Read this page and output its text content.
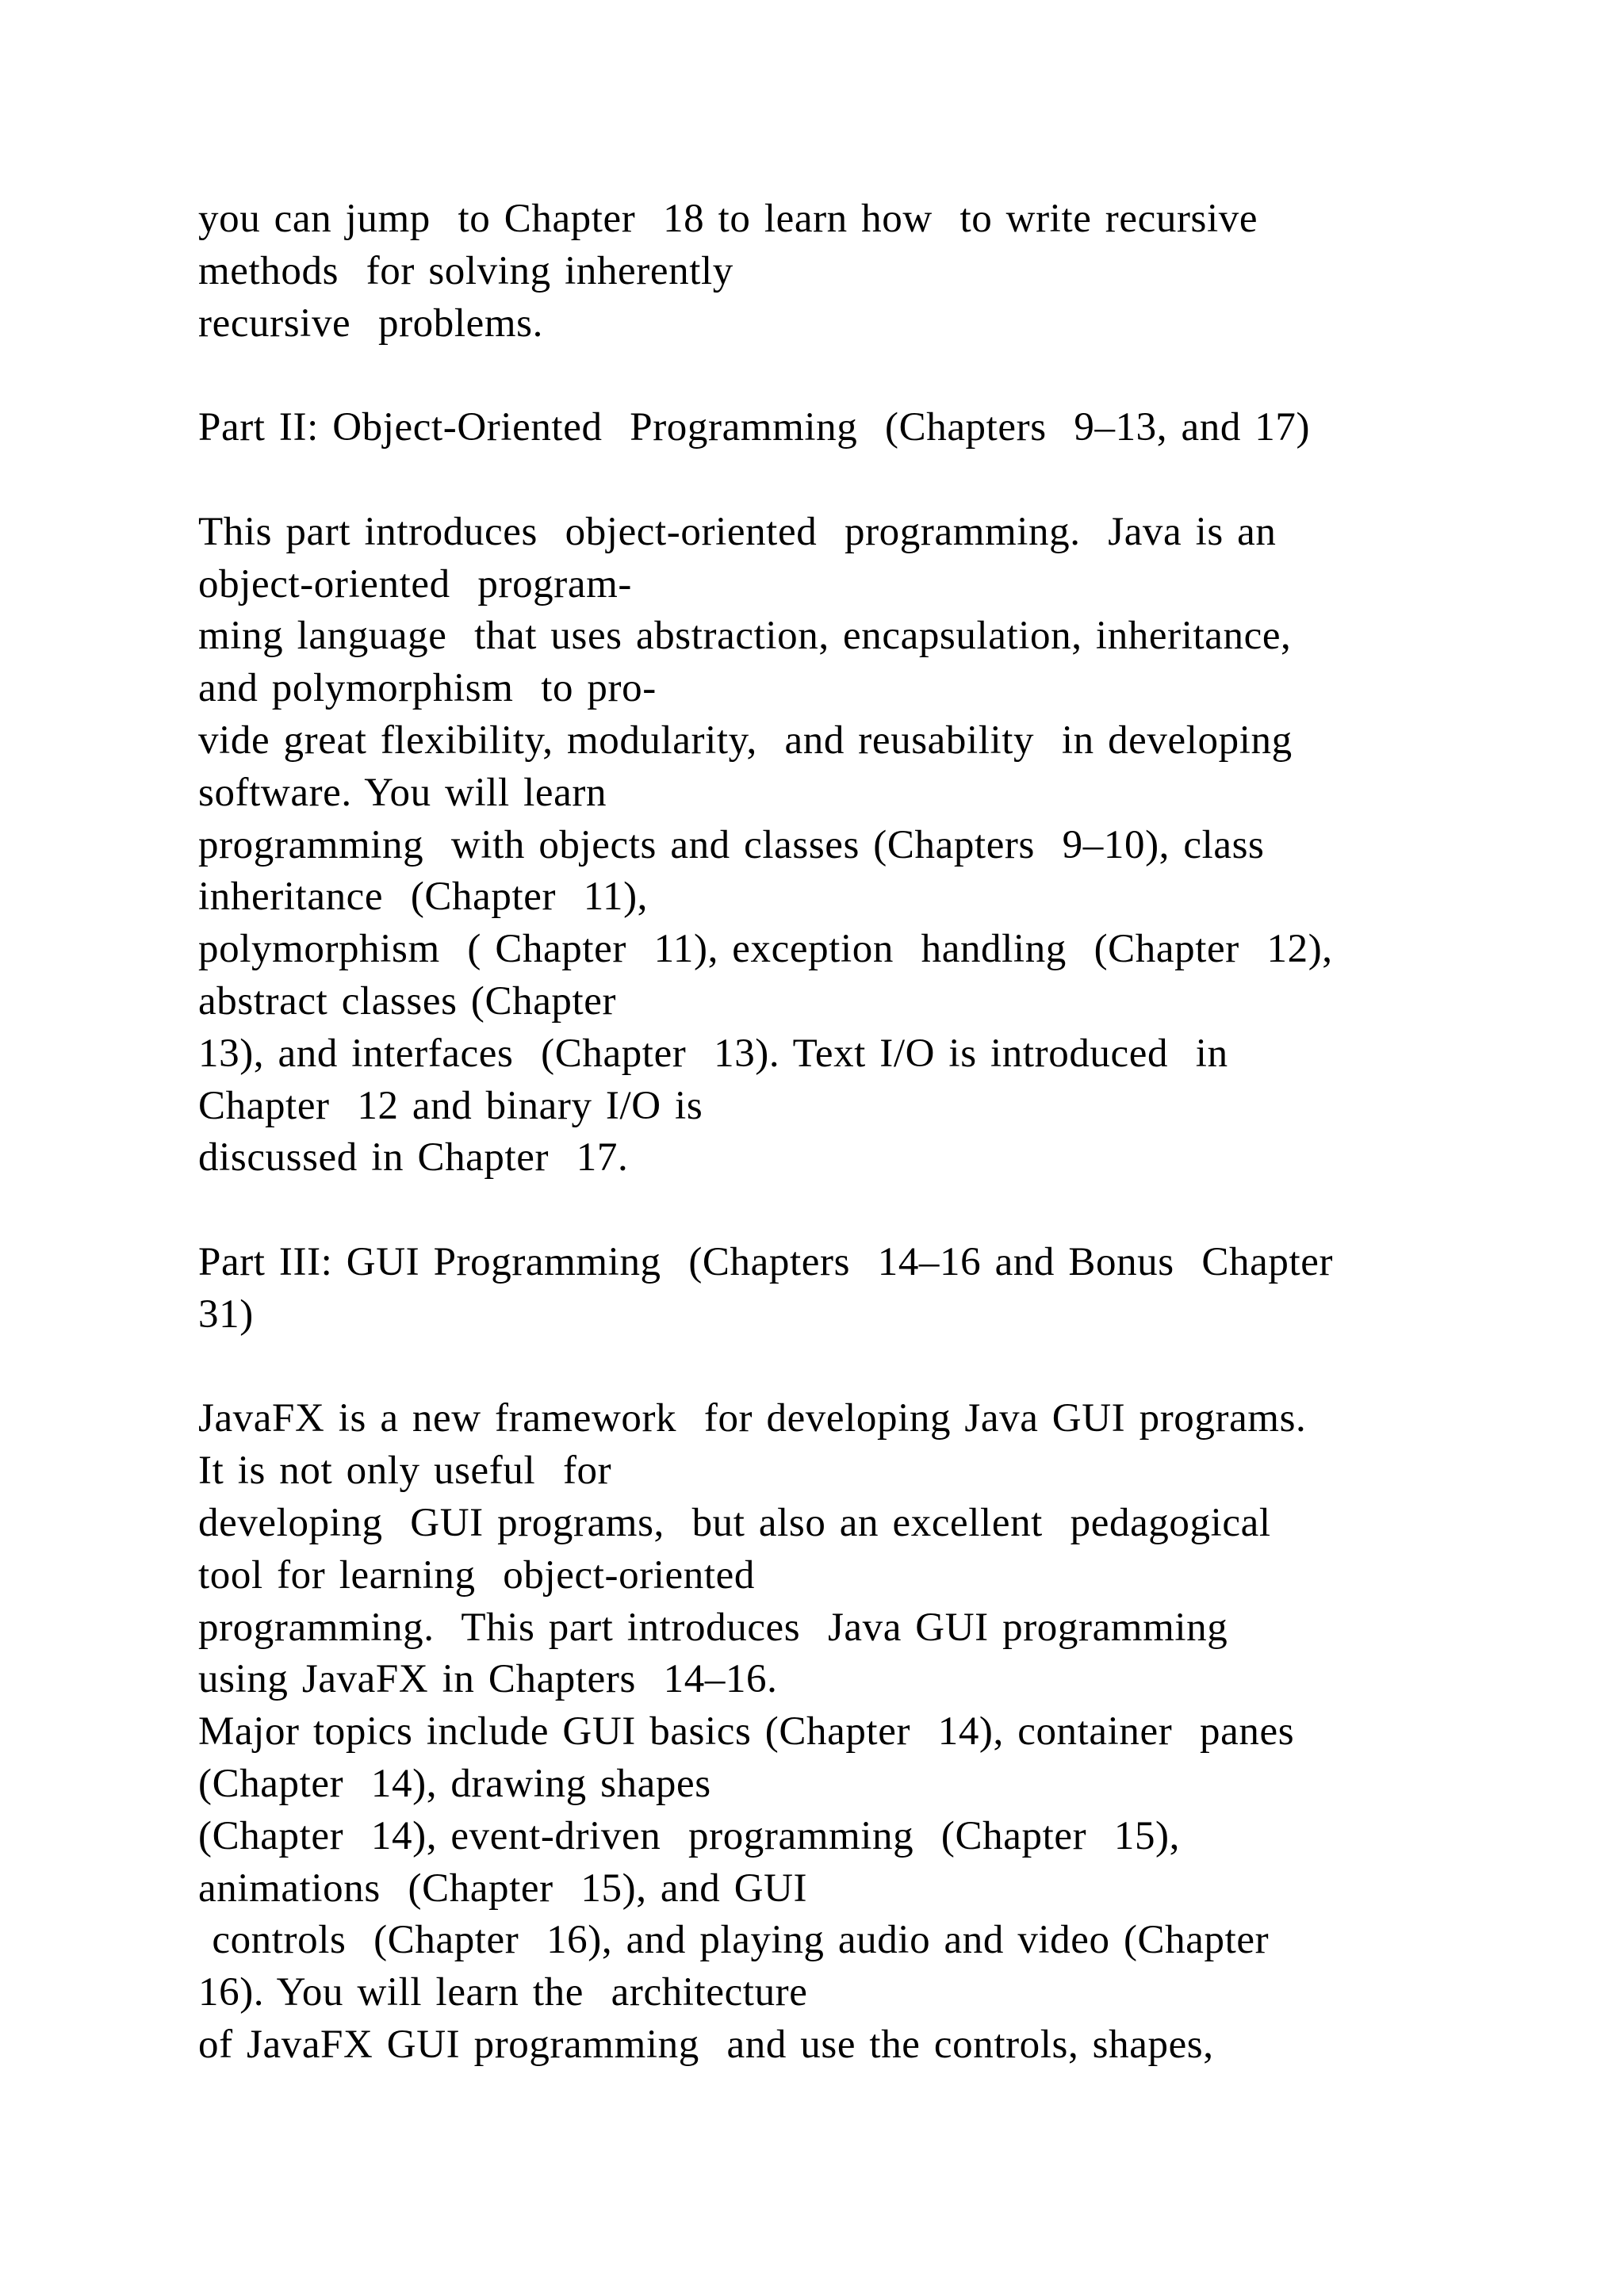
you can jump  to Chapter  18 to learn how  to write recursive
methods  for solving inherently
recursive  problems.
Part II: Object-Oriented  Programming  (Chapters  9–13, and 17)
This part introduces  object-oriented  programming.  Java is an
object-oriented  program-
ming language  that uses abstraction, encapsulation, inheritance,
and polymorphism  to pro-
vide great flexibility, modularity,  and reusability  in developing
software. You will learn
programming  with objects and classes (Chapters  9–10), class
inheritance  (Chapter  11),
polymorphism  ( Chapter  11), exception  handling  (Chapter  12),
abstract classes (Chapter
13), and interfaces  (Chapter  13). Text I/O is introduced  in
Chapter  12 and binary I/O is
discussed in Chapter  17.
Part III: GUI Programming  (Chapters  14–16 and Bonus  Chapter
31)
JavaFX is a new framework  for developing Java GUI programs.
It is not only useful  for
developing  GUI programs,  but also an excellent  pedagogical
tool for learning  object-oriented
programming.  This part introduces  Java GUI programming
using JavaFX in Chapters  14–16.
Major topics include GUI basics (Chapter  14), container  panes
(Chapter  14), drawing shapes
(Chapter  14), event-driven  programming  (Chapter  15),
animations  (Chapter  15), and GUI
controls  (Chapter  16), and playing audio and video (Chapter
16). You will learn the  architecture
of JavaFX GUI programming  and use the controls, shapes,
